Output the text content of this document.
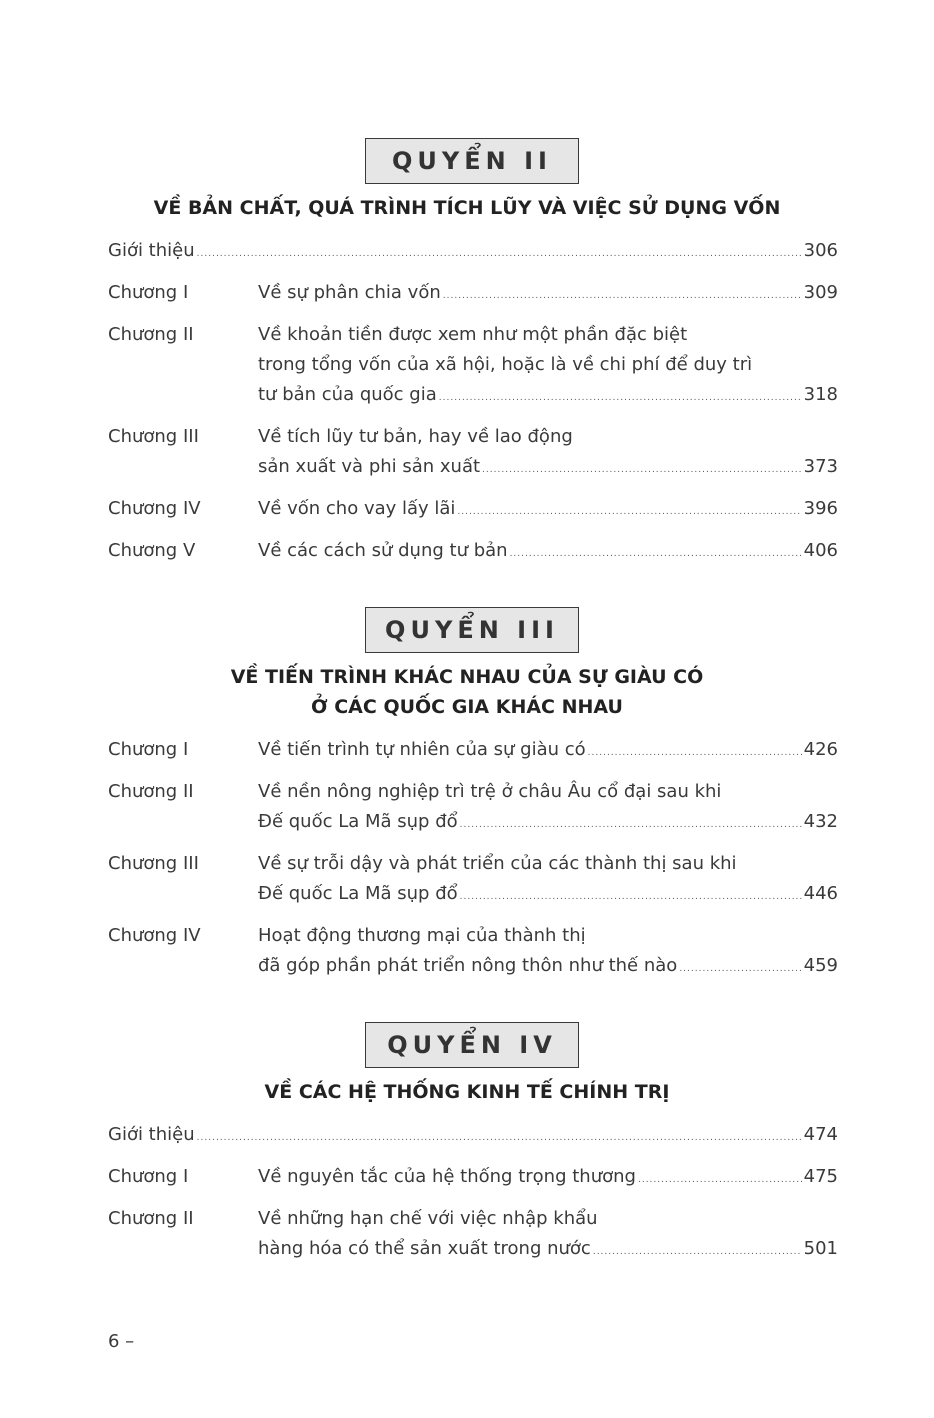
QUYỂN II
VỀ BẢN CHẤT, QUÁ TRÌNH TÍCH LŨY VÀ VIỆC SỬ DỤNG VỐN
Giới thiệu .....	306
Chương I	Về sự phân chia vốn .....	309
Chương II	Về khoản tiền được xem như một phần đặc biệt
trong tổng vốn của xã hội, hoặc là về chi phí để duy trì
tư bản của quốc gia .....	318
Chương III	Về tích lũy tư bản, hay về lao động
sản xuất và phi sản xuất .....	373
Chương IV	Về vốn cho vay lấy lãi .....	396
Chương V	Về các cách sử dụng tư bản .....	406
QUYỂN III
VỀ TIẾN TRÌNH KHÁC NHAU CỦA SỰ GIÀU CÓ
Ở CÁC QUỐC GIA KHÁC NHAU
Chương I	Về tiến trình tự nhiên của sự giàu có .....	426
Chương II	Về nền nông nghiệp trì trệ ở châu Âu cổ đại sau khi
Đế quốc La Mã sụp đổ .....	432
Chương III	Về sự trỗi dậy và phát triển của các thành thị sau khi
Đế quốc La Mã sụp đổ .....	446
Chương IV	Hoạt động thương mại của thành thị
đã góp phần phát triển nông thôn như thế nào .....	459
QUYỂN IV
VỀ CÁC HỆ THỐNG KINH TẾ CHÍNH TRỊ
Giới thiệu .....	474
Chương I	Về nguyên tắc của hệ thống trọng thương .....	475
Chương II	Về những hạn chế với việc nhập khẩu
hàng hóa có thể sản xuất trong nước .....	501
6 –
